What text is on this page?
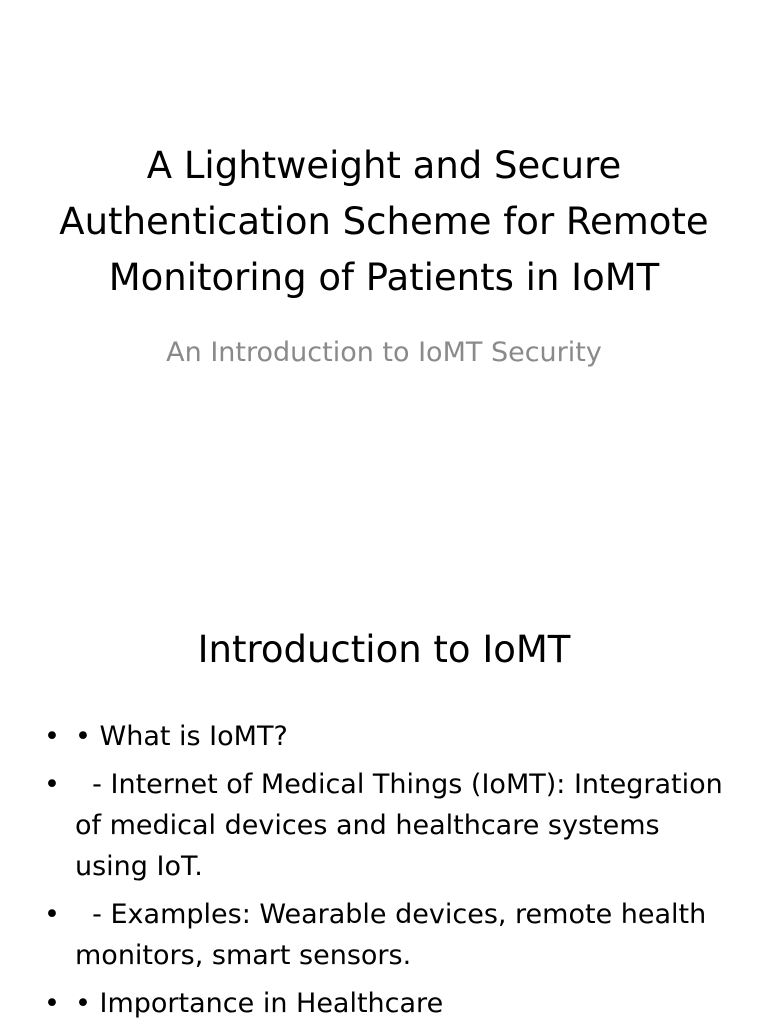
A Lightweight and Secure Authentication Scheme for Remote Monitoring of Patients in IoMT

An Introduction to IoMT Security

Introduction to IoMT
• • What is IoMT?
• - Internet of Medical Things (IoMT): Integration of medical devices and healthcare systems using IoT.
• - Examples: Wearable devices, remote health monitors, smart sensors.
• • Importance in Healthcare
